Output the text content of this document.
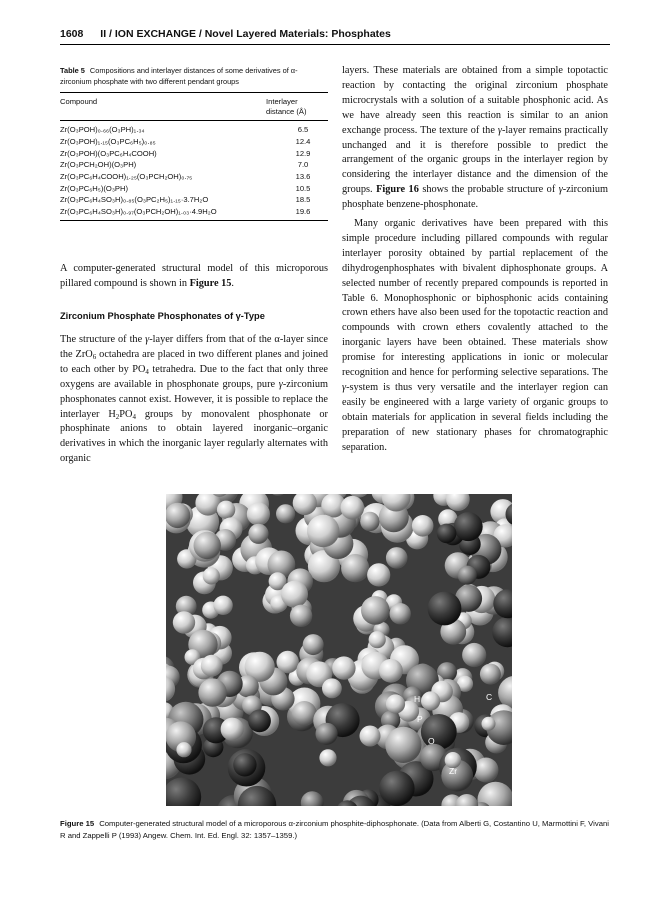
1608 II / ION EXCHANGE / Novel Layered Materials: Phosphates
Table 5 Compositions and interlayer distances of some derivatives of α-zirconium phosphate with two different pendant groups
Compound	Interlayer distance (Å)
Zr(O₃POH)₀.₆₆(O₃PH)₁.₃₄	6.5
Zr(O₃POH)₁.₁₅(O₃PC₆H₅)₀.₈₅	12.4
Zr(O₃POH)(O₃PC₆H₄COOH)	12.9
Zr(O₃PCH₂OH)(O₃PH)	7.0
Zr(O₃PC₆H₄COOH)₁.₂₅(O₃PCH₂OH)₀.₇₅	13.6
Zr(O₃PC₆H₅)(O₃PH)	10.5
Zr(O₃PC₆H₄SO₃H)₀.₈₅(O₃PC₂H₅)₁.₁₅·3.7H₂O	18.5
Zr(O₃PC₆H₄SO₃H)₀.₉₇(O₃PCH₂OH)₁.₀₃·4.9H₂O	19.6

A computer-generated structural model of this microporous pillared compound is shown in Figure 15.

Zirconium Phosphate Phosphonates of γ-Type

The structure of the γ-layer differs from that of the α-layer since the ZrO$_6$ octahedra are placed in two different planes and joined to each other by $PO_4$ tetrahedra. Due to the fact that only three oxygens are available in phosphonate groups, pure γ-zirconium phosphonates cannot exist. However, it is possible to replace the interlayer $H_2PO_4$ groups by monovalent phosphonate or phosphinate anions to obtain layered inorganic–organic derivatives in which the inorganic layer regularly alternates with organic

layers. These materials are obtained from a simple topotactic reaction by contacting the original zirconium phosphate microcrystals with a solution of a suitable phosphonic acid. As we have already seen this reaction is similar to an anion exchange process. The texture of the γ-layer remains practically unchanged and it is therefore possible to predict the arrangement of the organic groups in the interlayer region by considering the interlayer distance and the dimension of the groups. Figure 16 shows the probable structure of γ-zirconium phosphate benzene-phosphonate.

Many organic derivatives have been prepared with this simple procedure including pillared compounds with regular interlayer porosity obtained by partial replacement of the dihydrogenphosphates with bivalent diphosphonate groups. A selected number of recently prepared compounds is reported in Table 6. Monophosphonic or biphosphonic acids containing crown ethers have also been used for the topotactic reaction and compounds with crown ethers covalently attached to the inorganic layers have been obtained. These materials show promise for interesting applications in ionic or molecular recognition and hence for performing selective separations. The γ-system is thus very versatile and the interlayer region can easily be engineered with a large variety of organic groups to obtain materials for application in several fields including the preparation of new stationary phases for chromatographic separation.

H	C
P
O
Zr
Figure 15 Computer-generated structural model of a microporous α-zirconium phosphite-diphosphonate. (Data from Alberti G, Costantino U, Marmottini F, Vivani R and Zappelli P (1993) Angew. Chem. Int. Ed. Engl. 32: 1357–1359.)
